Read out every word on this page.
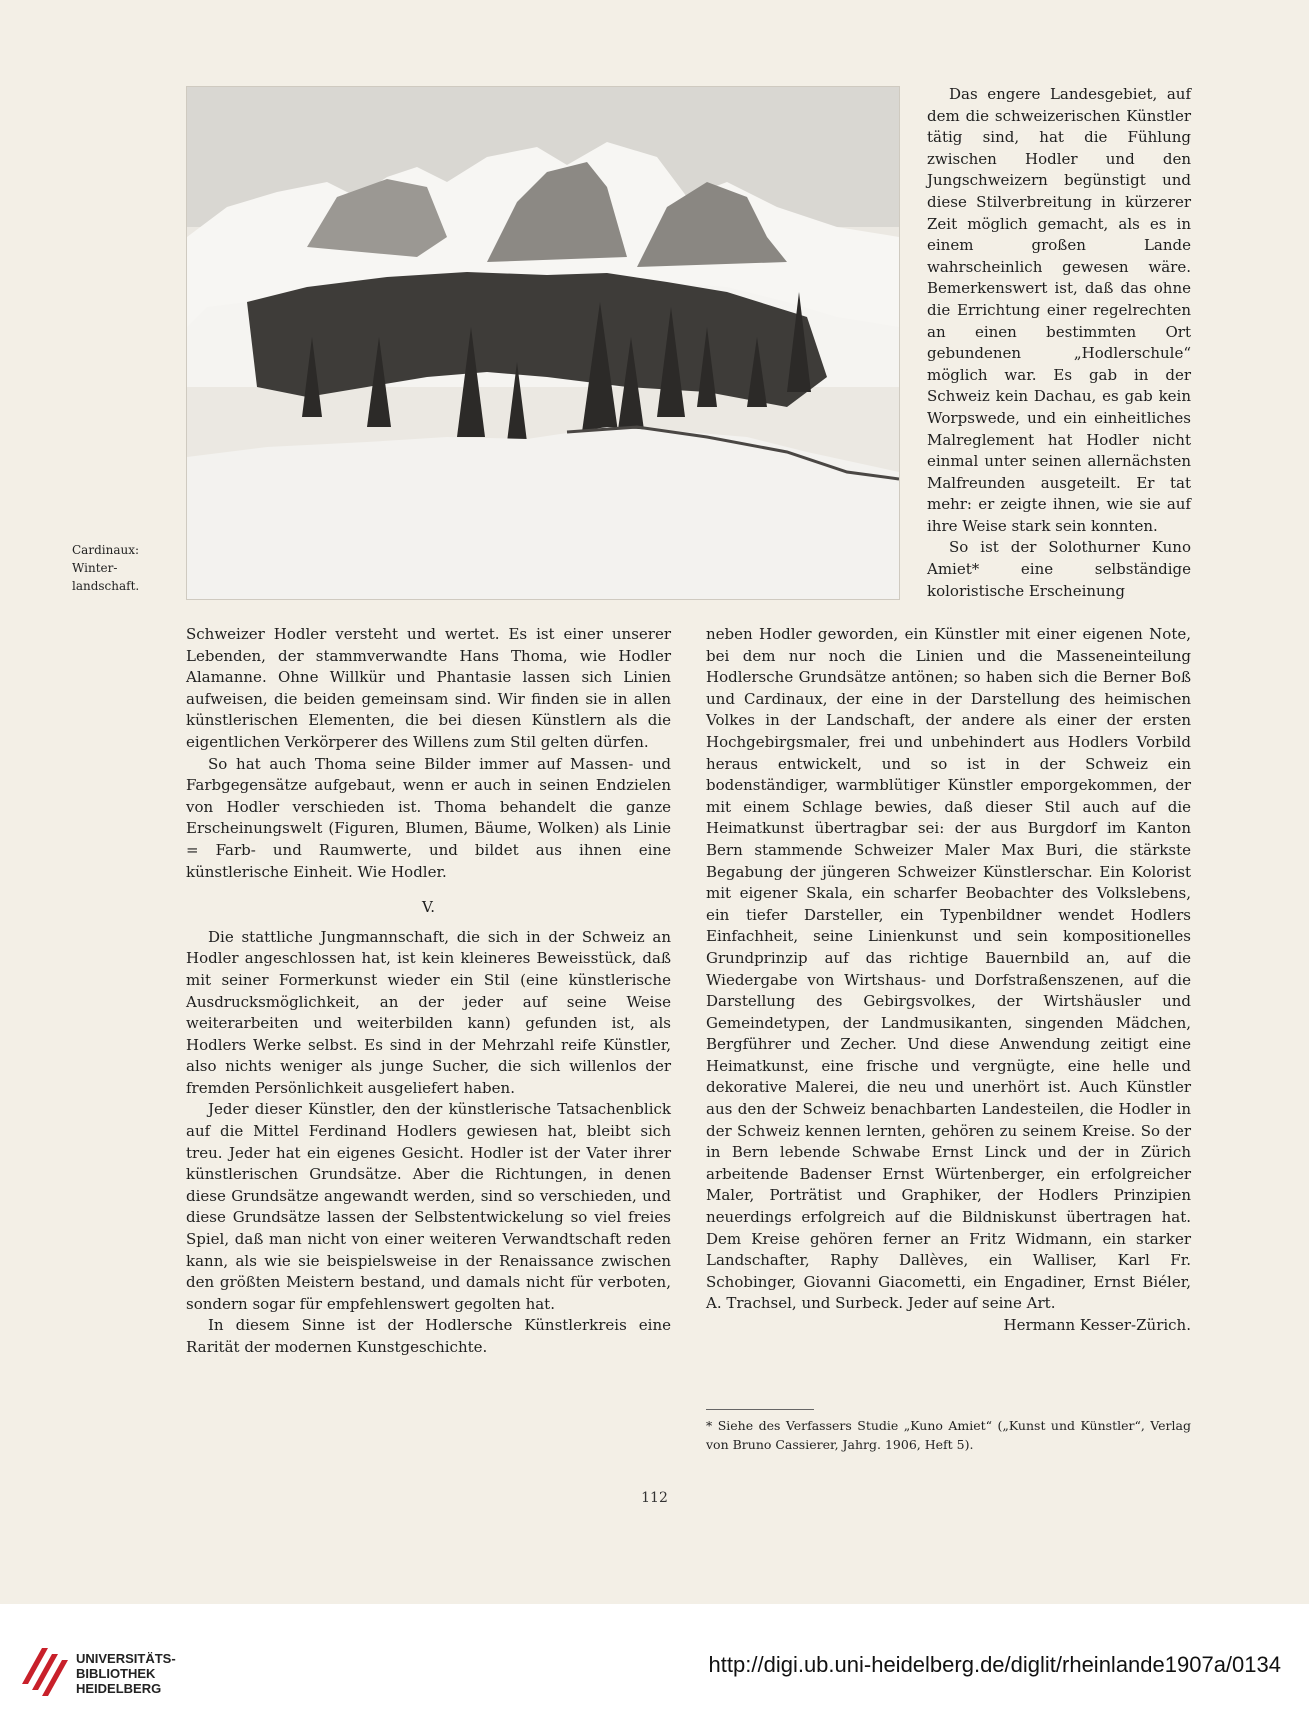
Cardinaux:
Winter-
landschaft.

Das engere Landesgebiet, auf dem die schweizerischen Künstler tätig sind, hat die Fühlung zwischen Hodler und den Jungschweizern begünstigt und diese Stilverbreitung in kürzerer Zeit möglich gemacht, als es in einem großen Lande wahrscheinlich gewesen wäre. Bemerkenswert ist, daß das ohne die Errichtung einer regelrechten an einen bestimmten Ort gebundenen „Hodlerschule“ möglich war. Es gab in der Schweiz kein Dachau, es gab kein Worpswede, und ein einheitliches Malreglement hat Hodler nicht einmal unter seinen allernächsten Malfreunden ausgeteilt. Er tat mehr: er zeigte ihnen, wie sie auf ihre Weise stark sein konnten.

So ist der Solothurner Kuno Amiet* eine selbständige koloristische Erscheinung

Schweizer Hodler versteht und wertet. Es ist einer unserer Lebenden, der stammverwandte Hans Thoma, wie Hodler Alamanne. Ohne Willkür und Phantasie lassen sich Linien aufweisen, die beiden gemeinsam sind. Wir finden sie in allen künstlerischen Elementen, die bei diesen Künstlern als die eigentlichen Verkörperer des Willens zum Stil gelten dürfen.

So hat auch Thoma seine Bilder immer auf Massen- und Farbgegensätze aufgebaut, wenn er auch in seinen Endzielen von Hodler verschieden ist. Thoma behandelt die ganze Erscheinungswelt (Figuren, Blumen, Bäume, Wolken) als Linie = Farb- und Raumwerte, und bildet aus ihnen eine künstlerische Einheit. Wie Hodler.

V.

Die stattliche Jungmannschaft, die sich in der Schweiz an Hodler angeschlossen hat, ist kein kleineres Beweisstück, daß mit seiner Formerkunst wieder ein Stil (eine künstlerische Ausdrucksmöglichkeit, an der jeder auf seine Weise weiterarbeiten und weiterbilden kann) gefunden ist, als Hodlers Werke selbst. Es sind in der Mehrzahl reife Künstler, also nichts weniger als junge Sucher, die sich willenlos der fremden Persönlichkeit ausgeliefert haben.

Jeder dieser Künstler, den der künstlerische Tatsachenblick auf die Mittel Ferdinand Hodlers gewiesen hat, bleibt sich treu. Jeder hat ein eigenes Gesicht. Hodler ist der Vater ihrer künstlerischen Grundsätze. Aber die Richtungen, in denen diese Grundsätze angewandt werden, sind so verschieden, und diese Grundsätze lassen der Selbstentwickelung so viel freies Spiel, daß man nicht von einer weiteren Verwandtschaft reden kann, als wie sie beispielsweise in der Renaissance zwischen den größten Meistern bestand, und damals nicht für verboten, sondern sogar für empfehlenswert gegolten hat.

In diesem Sinne ist der Hodlersche Künstlerkreis eine Rarität der modernen Kunstgeschichte.

neben Hodler geworden, ein Künstler mit einer eigenen Note, bei dem nur noch die Linien und die Masseneinteilung Hodlersche Grundsätze antönen; so haben sich die Berner Boß und Cardinaux, der eine in der Darstellung des heimischen Volkes in der Landschaft, der andere als einer der ersten Hochgebirgsmaler, frei und unbehindert aus Hodlers Vorbild heraus entwickelt, und so ist in der Schweiz ein bodenständiger, warmblütiger Künstler emporgekommen, der mit einem Schlage bewies, daß dieser Stil auch auf die Heimatkunst übertragbar sei: der aus Burgdorf im Kanton Bern stammende Schweizer Maler Max Buri, die stärkste Begabung der jüngeren Schweizer Künstlerschar. Ein Kolorist mit eigener Skala, ein scharfer Beobachter des Volkslebens, ein tiefer Darsteller, ein Typenbildner wendet Hodlers Einfachheit, seine Linienkunst und sein kompositionelles Grundprinzip auf das richtige Bauernbild an, auf die Wiedergabe von Wirtshaus- und Dorfstraßenszenen, auf die Darstellung des Gebirgsvolkes, der Wirtshäusler und Gemeindetypen, der Landmusikanten, singenden Mädchen, Bergführer und Zecher. Und diese Anwendung zeitigt eine Heimatkunst, eine frische und vergnügte, eine helle und dekorative Malerei, die neu und unerhört ist. Auch Künstler aus den der Schweiz benachbarten Landesteilen, die Hodler in der Schweiz kennen lernten, gehören zu seinem Kreise. So der in Bern lebende Schwabe Ernst Linck und der in Zürich arbeitende Badenser Ernst Würtenberger, ein erfolgreicher Maler, Porträtist und Graphiker, der Hodlers Prinzipien neuerdings erfolgreich auf die Bildniskunst übertragen hat. Dem Kreise gehören ferner an Fritz Widmann, ein starker Landschafter, Raphy Dallèves, ein Walliser, Karl Fr. Schobinger, Giovanni Giacometti, ein Engadiner, Ernst Biéler, A. Trachsel, und Surbeck. Jeder auf seine Art.

Hermann Kesser-Zürich.

* Siehe des Verfassers Studie „Kuno Amiet“ („Kunst und Künstler“, Verlag von Bruno Cassierer, Jahrg. 1906, Heft 5).
112
UNIVERSITÄTS-
BIBLIOTHEK
HEIDELBERG
http://digi.ub.uni-heidelberg.de/diglit/rheinlande1907a/0134
